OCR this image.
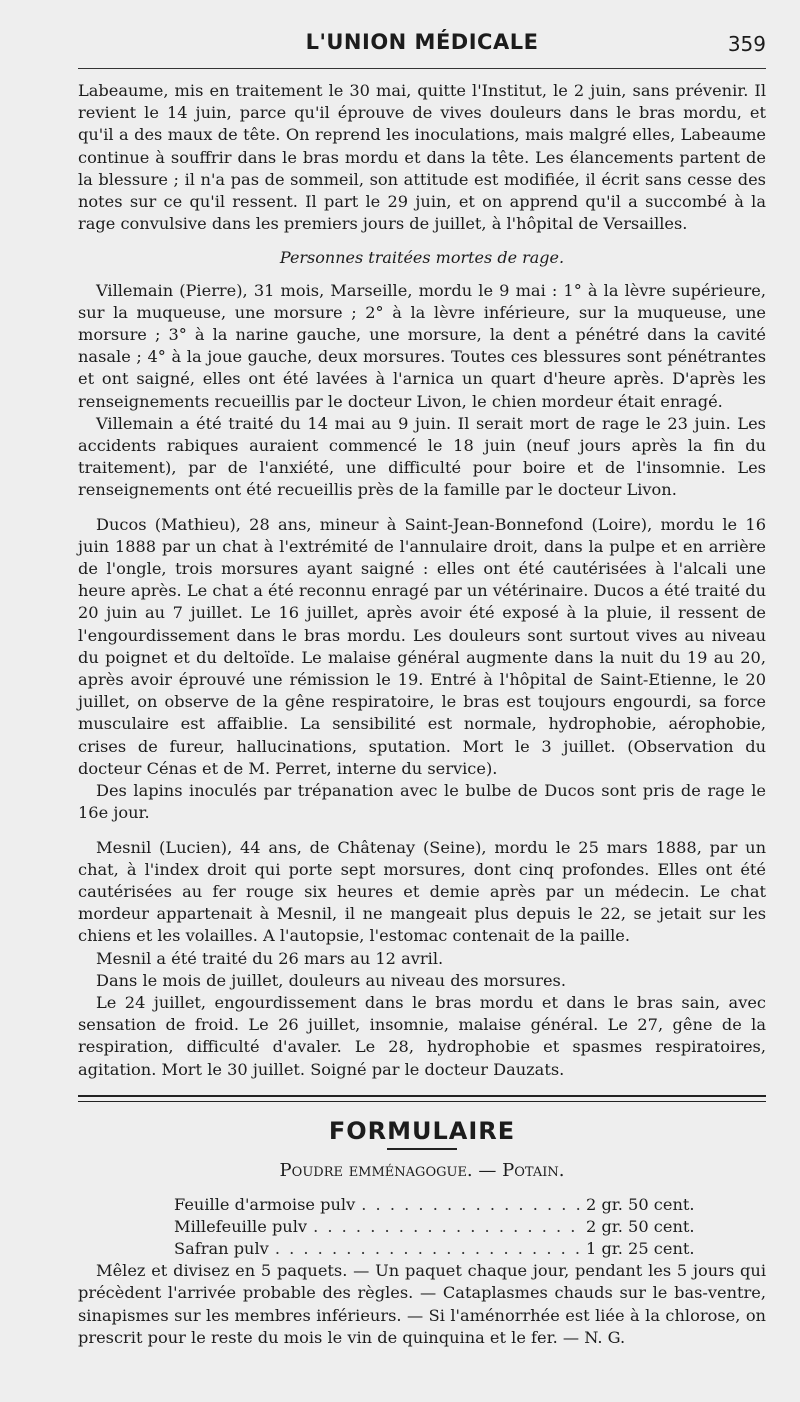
L'UNION MÉDICALE	359

Labeaume, mis en traitement le 30 mai, quitte l'Institut, le 2 juin, sans prévenir. Il revient le 14 juin, parce qu'il éprouve de vives douleurs dans le bras mordu, et qu'il a des maux de tête. On reprend les inoculations, mais malgré elles, Labeaume continue à souffrir dans le bras mordu et dans la tête. Les élancements partent de la blessure ; il n'a pas de sommeil, son attitude est modifiée, il écrit sans cesse des notes sur ce qu'il ressent. Il part le 29 juin, et on apprend qu'il a succombé à la rage convulsive dans les premiers jours de juillet, à l'hôpital de Versailles.

Personnes traitées mortes de rage.

Villemain (Pierre), 31 mois, Marseille, mordu le 9 mai : 1° à la lèvre supérieure, sur la muqueuse, une morsure ; 2° à la lèvre inférieure, sur la muqueuse, une morsure ; 3° à la narine gauche, une morsure, la dent a pénétré dans la cavité nasale ; 4° à la joue gauche, deux morsures. Toutes ces blessures sont pénétrantes et ont saigné, elles ont été lavées à l'arnica un quart d'heure après. D'après les renseignements recueillis par le docteur Livon, le chien mordeur était enragé.

Villemain a été traité du 14 mai au 9 juin. Il serait mort de rage le 23 juin. Les accidents rabiques auraient commencé le 18 juin (neuf jours après la fin du traitement), par de l'anxiété, une difficulté pour boire et de l'insomnie. Les renseignements ont été recueillis près de la famille par le docteur Livon.

Ducos (Mathieu), 28 ans, mineur à Saint-Jean-Bonnefond (Loire), mordu le 16 juin 1888 par un chat à l'extrémité de l'annulaire droit, dans la pulpe et en arrière de l'ongle, trois morsures ayant saigné : elles ont été cautérisées à l'alcali une heure après. Le chat a été reconnu enragé par un vétérinaire. Ducos a été traité du 20 juin au 7 juillet. Le 16 juillet, après avoir été exposé à la pluie, il ressent de l'engourdissement dans le bras mordu. Les douleurs sont surtout vives au niveau du poignet et du deltoïde. Le malaise général augmente dans la nuit du 19 au 20, après avoir éprouvé une rémission le 19. Entré à l'hôpital de Saint-Etienne, le 20 juillet, on observe de la gêne respiratoire, le bras est toujours engourdi, sa force musculaire est affaiblie. La sensibilité est normale, hydrophobie, aérophobie, crises de fureur, hallucinations, sputation. Mort le 3 juillet. (Observation du docteur Cénas et de M. Perret, interne du service).

Des lapins inoculés par trépanation avec le bulbe de Ducos sont pris de rage le 16e jour.

Mesnil (Lucien), 44 ans, de Châtenay (Seine), mordu le 25 mars 1888, par un chat, à l'index droit qui porte sept morsures, dont cinq profondes. Elles ont été cautérisées au fer rouge six heures et demie après par un médecin. Le chat mordeur appartenait à Mesnil, il ne mangeait plus depuis le 22, se jetait sur les chiens et les volailles. A l'autopsie, l'estomac contenait de la paille.

Mesnil a été traité du 26 mars au 12 avril.

Dans le mois de juillet, douleurs au niveau des morsures.

Le 24 juillet, engourdissement dans le bras mordu et dans le bras sain, avec sensation de froid. Le 26 juillet, insomnie, malaise général. Le 27, gêne de la respiration, difficulté d'avaler. Le 28, hydrophobie et spasmes respiratoires, agitation. Mort le 30 juillet. Soigné par le docteur Dauzats.

FORMULAIRE
Poudre emménagogue. — Potain.
Feuille d'armoise pulv . . .	2 gr. 50 cent.
Millefeuille pulv . . .	2 gr. 50 cent.
Safran pulv . . .	1 gr. 25 cent.

Mêlez et divisez en 5 paquets. — Un paquet chaque jour, pendant les 5 jours qui précèdent l'arrivée probable des règles. — Cataplasmes chauds sur le bas-ventre, sinapismes sur les membres inférieurs. — Si l'aménorrhée est liée à la chlorose, on prescrit pour le reste du mois le vin de quinquina et le fer. — N. G.
